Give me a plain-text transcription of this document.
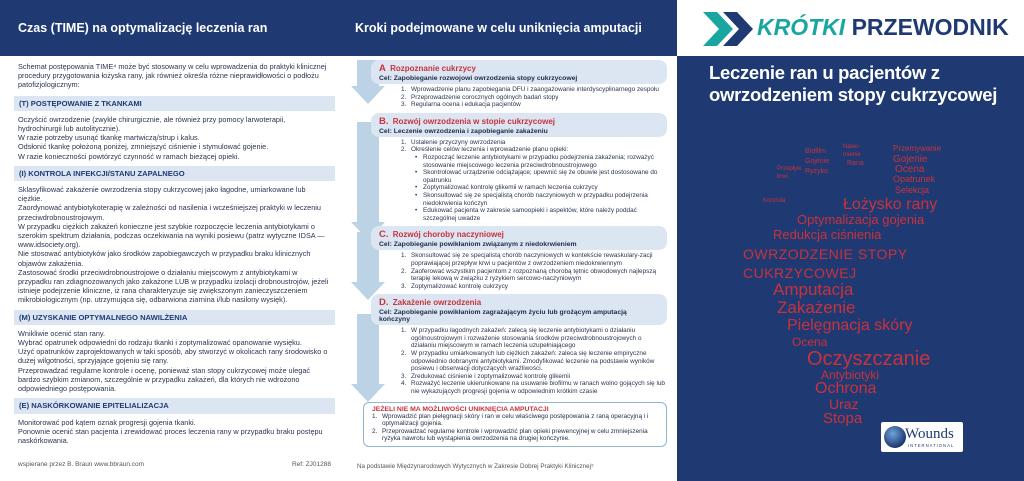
Czas (TIME) na optymalizację leczenia ran

Schemat postępowania TIME⁴ może być stosowany w celu wprowadzenia do praktyki klinicznej procedury przygotowania łożyska rany, jak również określa różne nieprawidłowości o podłożu patofizjologicznym:

(T) POSTĘPOWANIE Z TKANKAMI

Oczyścić owrzodzenie (zwykle chirurgicznie, ale również przy pomocy larwoterapii, hydrochirurgii lub autolitycznie).

W razie potrzeby usunąć tkankę martwiczą/strup i kalus.

Odsłonić tkankę położoną poniżej, zmniejszyć ciśnienie i stymulować gojenie.

W razie konieczności powtórzyć czynność w ramach bieżącej opieki.

(I) KONTROLA INFEKCJI/STANU ZAPALNEGO

Sklasyfikować zakażenie owrzodzenia stopy cukrzycowej jako łagodne, umiarkowane lub ciężkie.

Zaordynować antybiotykoterapię w zależności od nasilenia i wcześniejszej praktyki w leczeniu przeciwdrobnoustrojowym.

W przypadku ciężkich zakażeń konieczne jest szybkie rozpoczęcie leczenia antybiotykami o szerokim spektrum działania, podczas oczekiwania na wyniki posiewu (patrz wytyczne IDSA — www.idsociety.org).

Nie stosować antybiotyków jako środków zapobiegawczych w przypadku braku klinicznych objawów zakażenia.

Zastosować środki przeciwdrobnoustrojowe o działaniu miejscowym z antybiotykami w przypadku ran zdiagnozowanych jako zakażone LUB w przypadku izolacji drobnoustrojów, jeżeli istnieje podejrzenie kliniczne, iż rana charakteryzuje się zwiększonym zanieczyszczeniem mikrobiologicznym (np. utrzymująca się, odbarwiona ziarnina i/lub nasilony wysięk).

(M) UZYSKANIE OPTYMALNEGO NAWILŻENIA

Wnikliwie ocenić stan rany.

Wybrać opatrunek odpowiedni do rodzaju tkanki i zoptymalizować opanowanie wysięku.

Użyć opatrunków zaprojektowanych w taki sposób, aby stworzyć w okolicach rany środowisko o dużej wilgotności, sprzyjające gojeniu się rany.

Przeprowadzać regularne kontrole i ocenę, ponieważ stan stopy cukrzycowej może ulegać bardzo szybkim zmianom, szczególnie w przypadku zakażeń, dla których nie wdrożono odpowiedniego postępowania.

(E) NASKÓRKOWANIE EPITELIALIZACJA

Monitorować pod kątem oznak progresji gojenia tkanki.

Ponownie ocenić stan pacjenta i zrewidować proces leczenia rany w przypadku braku postępu naskórkowania.

wspierane przez B. Braun www.bbraun.com	Ref: ZJ01288
Kroki podejmowane w celu uniknięcia amputacji
A Rozpoznanie cukrzycy
Cel: Zapobieganie rozwojowi owrzodzenia stopy cukrzycowej
1. Wprowadzenie planu zapobiegania DFU i zaangażowanie interdyscyplinarnego zespołu
2. Przeprowadzenie corocznych ogólnych badań stopy
3. Regularna ocena i edukacja pacjentów
B. Rozwój owrzodzenia w stopie cukrzycowej
Cel: Leczenie owrzodzenia i zapobieganie zakażeniu
1. Ustalenie przyczyny owrzodzenia
2. Określenie celów leczenia i wprowadzenie planu opieki:
• Rozpocząć leczenie antybiotykami w przypadku podejrzenia zakażenia; rozważyć stosowanie miejscowego leczenia przeciwdrobnoustrojowego
• Skontrolować urządzenie odciążające; upewnić się że obuwie jest dostosowane do opatrunku
• Zoptymalizować kontrolę glikemii w ramach leczenia cukrzycy
• Skonsultować się ze specjalistą chorób naczyniowych w przypadku podejrzenia niedokrwienia kończyn
• Edukować pacjenta w zakresie samoopieki i aspektów, które należy poddać szczególnej uwadze
C. Rozwój choroby naczyniowej
Cel: Zapobieganie powikłaniom związanym z niedokrwieniem
1. Skonsultować się ze specjalistą chorób naczyniowych w kontekście rewaskulary-zacji poprawiającej przepływ krwi u pacjentów z owrzodzeniem niedokrwiennym
2. Zaoferować wszystkim pacjentom z rozpoznaną chorobą tętnic obwodowych najlepszą terapię lekową w związku z ryzykiem sercowo-naczyniowym
3. Zoptymalizować kontrolę cukrzycy
D. Zakażenie owrzodzenia
Cel: Zapobieganie powikłaniom zagrażającym życiu lub grożącym amputacją kończyny
1. W przypadku łagodnych zakażeń: zalecą się leczenie antybiotykami o działaniu ogólnoustrojowym i rozważenie stosowania środków przeciwdrobnoustrojowych o działaniu miejscowym w ramach leczenia uzupełniającego
2. W przypadku umiarkowanych lub ciężkich zakażeń: zaleca się leczenie empiryczne odpowiednio dobranymi antybiotykami. Zmodyfikować leczenie na podstawie wyników posiewu i obserwacji dotyczących wrażliwości.
3. Zredukować ciśnienie i zoptymalizować kontrolę glikemii
4. Rozważyć leczenie ukierunkowane na usuwanie biofilmu w ranach wolno gojących się lub nie wykazujących progresji gojenia w odpowiednim krótkim czasie
JEŻELI NIE MA MOŻLIWOŚCI UNIKNIĘCIA AMPUTACJI
1. Wprowadzić plan pielęgnacji skóry i ran w celu właściwego postępowania z raną operacyjną i i optymalizacji gojenia.
2. Przeprowadzać regularne kontrole i wprowadzić plan opieki prewencyjnej w celu zmniejszenia ryzyka nawrotu lub wystąpienia owrzodzenia na drugiej kończynie.
Na podstawie Międzynarodowych Wytycznych w Zakresie Dobrej Praktyki Klinicznej⁵
KRÓTKI PRZEWODNIK
Leczenie ran u pacjentów z
owrzodzeniem stopy cukrzycowej
Biofilm
Nawo-
mienie
Rana
Przemywanie
Gojenie
Ocena
Gojenie
Przepływ
krwi
Ryzyko
Opatrunek
Selekcja
Kontrola	Łożysko rany
Optymalizacja gojenia
Redukcja ciśnienia
OWRZODZENIE STOPY
CUKRZYCOWEJ
Amputacja
Zakażenie
Pielęgnacja skóry
Ocena
Oczyszczanie
Antybiotyki
Ochrona
Uraz
Stopa
Wounds
INTERNATIONAL
